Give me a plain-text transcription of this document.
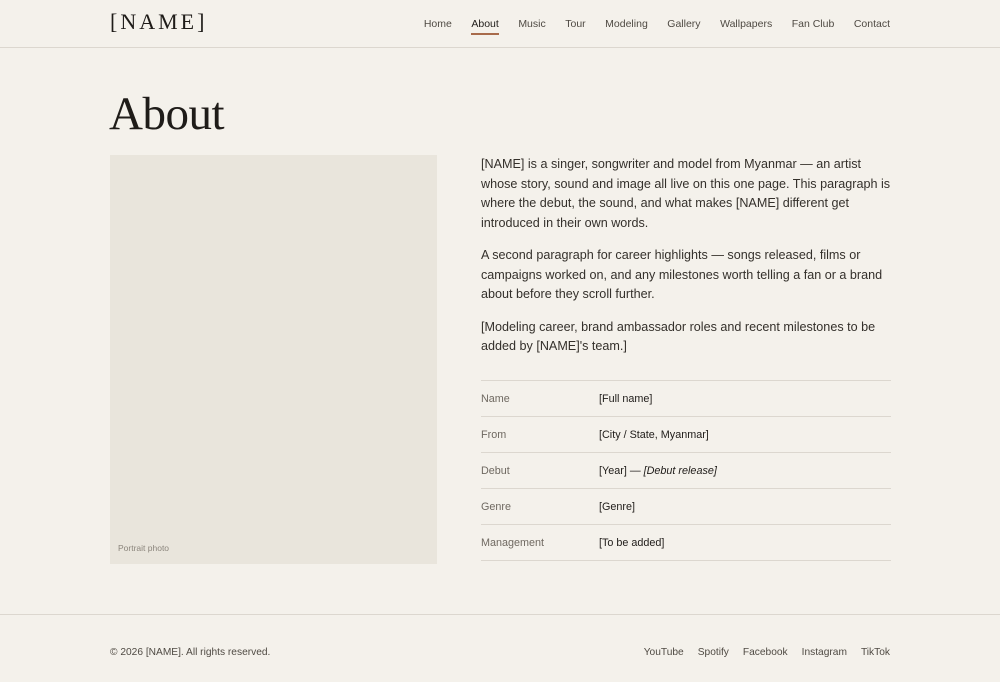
[NAME]	Home About Music Tour Modeling Gallery Wallpapers Fan Club Contact
About
Portrait photo

[NAME] is a singer, songwriter and model from Myanmar — an artist whose story, sound and image all live on this one page. This paragraph is where the debut, the sound, and what makes [NAME] different get introduced in their own words.

A second paragraph for career highlights — songs released, films or campaigns worked on, and any milestones worth telling a fan or a brand about before they scroll further.

[Modeling career, brand ambassador roles and recent milestones to be added by [NAME]'s team.]

Name	[Full name]
From	[City / State, Myanmar]
Debut	[Year] — [Debut release]
Genre	[Genre]
Management	[To be added]
© 2026 [NAME]. All rights reserved.	YouTube Spotify Facebook Instagram TikTok
